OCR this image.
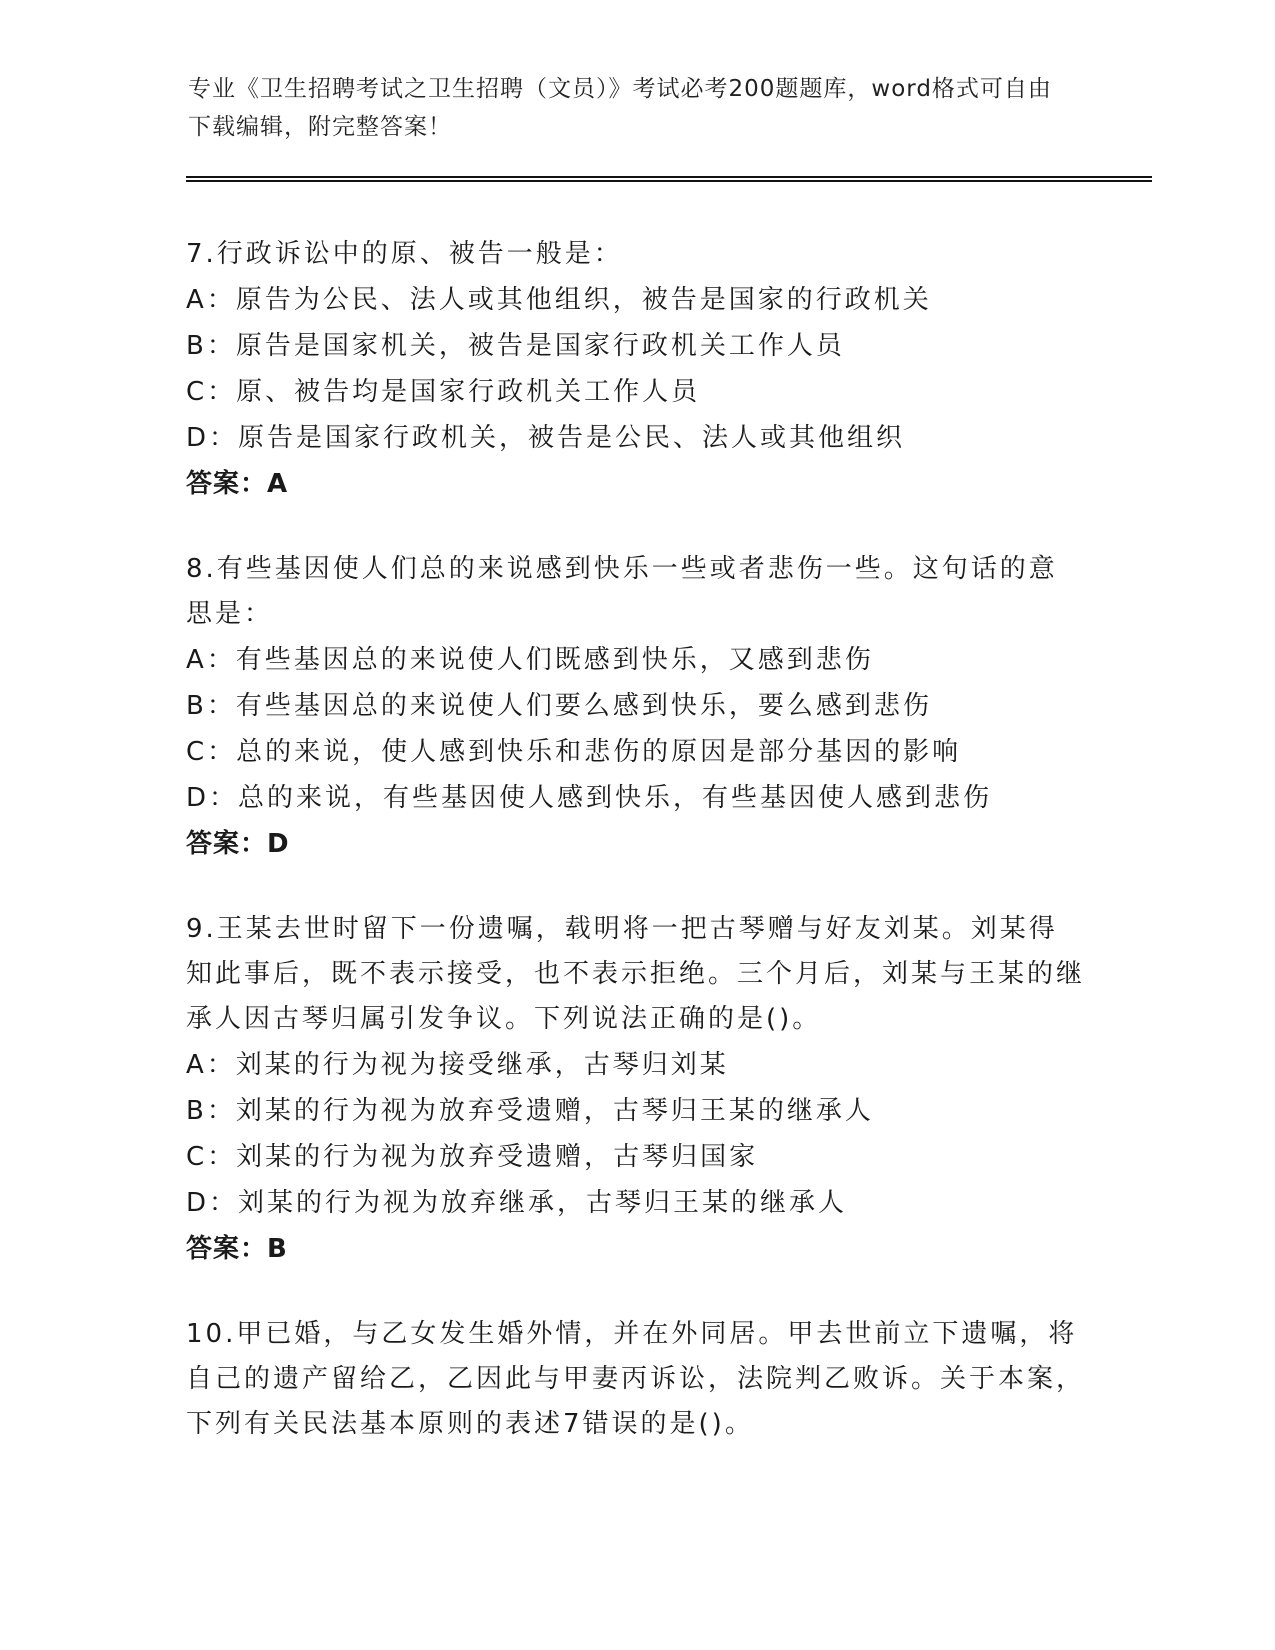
专业《卫生招聘考试之卫生招聘（文员）》考试必考200题题库，word格式可自由下载编辑，附完整答案！

7.行政诉讼中的原、被告一般是：

A：原告为公民、法人或其他组织，被告是国家的行政机关
B：原告是国家机关，被告是国家行政机关工作人员
C：原、被告均是国家行政机关工作人员
D：原告是国家行政机关，被告是公民、法人或其他组织
答案：A

8.有些基因使人们总的来说感到快乐一些或者悲伤一些。这句话的意思是：

A：有些基因总的来说使人们既感到快乐，又感到悲伤
B：有些基因总的来说使人们要么感到快乐，要么感到悲伤
C：总的来说，使人感到快乐和悲伤的原因是部分基因的影响
D：总的来说，有些基因使人感到快乐，有些基因使人感到悲伤
答案：D

9.王某去世时留下一份遗嘱，载明将一把古琴赠与好友刘某。刘某得知此事后，既不表示接受，也不表示拒绝。三个月后，刘某与王某的继承人因古琴归属引发争议。下列说法正确的是()。

A：刘某的行为视为接受继承，古琴归刘某
B：刘某的行为视为放弃受遗赠，古琴归王某的继承人
C：刘某的行为视为放弃受遗赠，古琴归国家
D：刘某的行为视为放弃继承，古琴归王某的继承人
答案：B

10.甲已婚，与乙女发生婚外情，并在外同居。甲去世前立下遗嘱，将自己的遗产留给乙，乙因此与甲妻丙诉讼，法院判乙败诉。关于本案，下列有关民法基本原则的表述7错误的是()。
